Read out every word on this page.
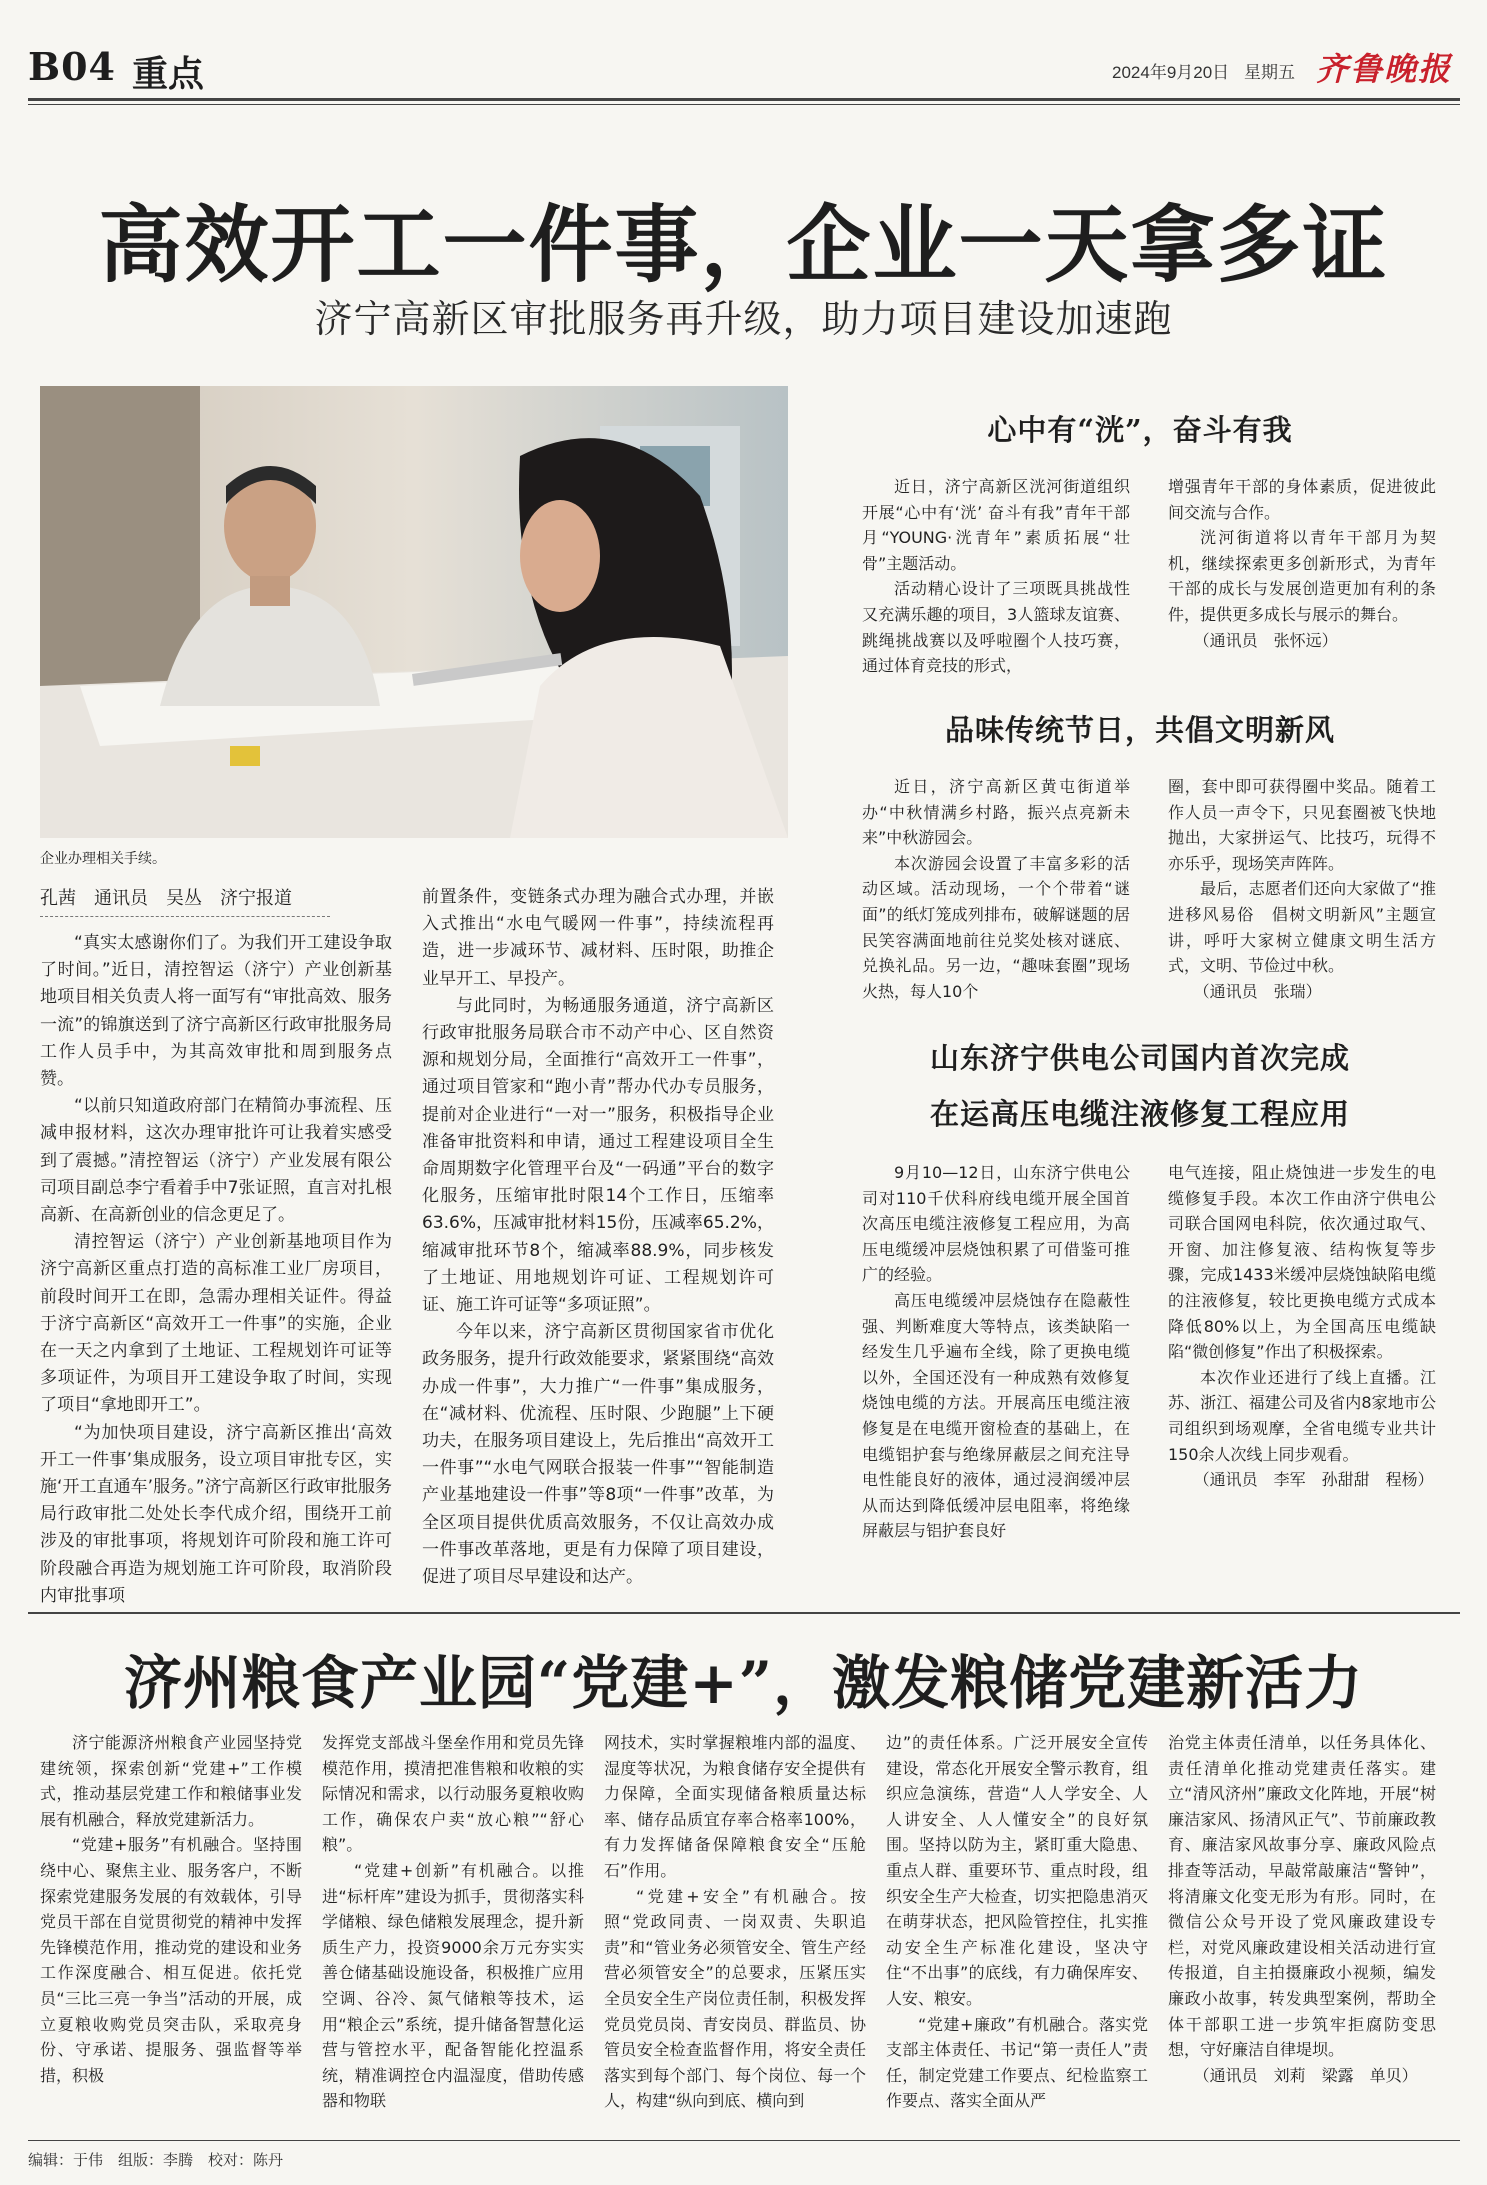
B04 重点	2024年9月20日 星期五 齐鲁晚报
高效开工一件事，企业一天拿多证
济宁高新区审批服务再升级，助力项目建设加速跑
企业办理相关手续。
孔茜　通讯员　吴丛　济宁报道

“真实太感谢你们了。为我们开工建设争取了时间。”近日，清控智运（济宁）产业创新基地项目相关负责人将一面写有“审批高效、服务一流”的锦旗送到了济宁高新区行政审批服务局工作人员手中，为其高效审批和周到服务点赞。

“以前只知道政府部门在精简办事流程、压减申报材料，这次办理审批许可让我着实感受到了震撼。”清控智运（济宁）产业发展有限公司项目副总李宁看着手中7张证照，直言对扎根高新、在高新创业的信念更足了。

清控智运（济宁）产业创新基地项目作为济宁高新区重点打造的高标准工业厂房项目，前段时间开工在即，急需办理相关证件。得益于济宁高新区“高效开工一件事”的实施，企业在一天之内拿到了土地证、工程规划许可证等多项证件，为项目开工建设争取了时间，实现了项目“拿地即开工”。

“为加快项目建设，济宁高新区推出‘高效开工一件事’集成服务，设立项目审批专区，实施‘开工直通车’服务。”济宁高新区行政审批服务局行政审批二处处长李代成介绍，围绕开工前涉及的审批事项，将规划许可阶段和施工许可阶段融合再造为规划施工许可阶段，取消阶段内审批事项

前置条件，变链条式办理为融合式办理，并嵌入式推出“水电气暖网一件事”，持续流程再造，进一步减环节、减材料、压时限，助推企业早开工、早投产。

与此同时，为畅通服务通道，济宁高新区行政审批服务局联合市不动产中心、区自然资源和规划分局，全面推行“高效开工一件事”，通过项目管家和“跑小青”帮办代办专员服务，提前对企业进行“一对一”服务，积极指导企业准备审批资料和申请，通过工程建设项目全生命周期数字化管理平台及“一码通”平台的数字化服务，压缩审批时限14个工作日，压缩率63.6%，压减审批材料15份，压减率65.2%，缩减审批环节8个，缩减率88.9%，同步核发了土地证、用地规划许可证、工程规划许可证、施工许可证等“多项证照”。

今年以来，济宁高新区贯彻国家省市优化政务服务，提升行政效能要求，紧紧围绕“高效办成一件事”，大力推广“一件事”集成服务，在“减材料、优流程、压时限、少跑腿”上下硬功夫，在服务项目建设上，先后推出“高效开工一件事”“水电气网联合报装一件事”“智能制造产业基地建设一件事”等8项“一件事”改革，为全区项目提供优质高效服务，不仅让高效办成一件事改革落地，更是有力保障了项目建设，促进了项目尽早建设和达产。

心中有“洸”，奋斗有我

近日，济宁高新区洸河街道组织开展“心中有‘洸’ 奋斗有我”青年干部月“YOUNG·洸青年”素质拓展“壮骨”主题活动。

活动精心设计了三项既具挑战性又充满乐趣的项目，3人篮球友谊赛、跳绳挑战赛以及呼啦圈个人技巧赛，通过体育竞技的形式，

增强青年干部的身体素质，促进彼此间交流与合作。

洸河街道将以青年干部月为契机，继续探索更多创新形式，为青年干部的成长与发展创造更加有利的条件，提供更多成长与展示的舞台。

（通讯员　张怀远）

品味传统节日，共倡文明新风

近日，济宁高新区黄屯街道举办“中秋情满乡村路，振兴点亮新未来”中秋游园会。

本次游园会设置了丰富多彩的活动区域。活动现场，一个个带着“谜面”的纸灯笼成列排布，破解谜题的居民笑容满面地前往兑奖处核对谜底、兑换礼品。另一边，“趣味套圈”现场火热，每人10个

圈，套中即可获得圈中奖品。随着工作人员一声令下，只见套圈被飞快地抛出，大家拼运气、比技巧，玩得不亦乐乎，现场笑声阵阵。

最后，志愿者们还向大家做了“推进移风易俗　倡树文明新风”主题宣讲，呼吁大家树立健康文明生活方式，文明、节俭过中秋。

（通讯员　张瑞）

山东济宁供电公司国内首次完成
在运高压电缆注液修复工程应用

9月10—12日，山东济宁供电公司对110千伏科府线电缆开展全国首次高压电缆注液修复工程应用，为高压电缆缓冲层烧蚀积累了可借鉴可推广的经验。

高压电缆缓冲层烧蚀存在隐蔽性强、判断难度大等特点，该类缺陷一经发生几乎遍布全线，除了更换电缆以外，全国还没有一种成熟有效修复烧蚀电缆的方法。开展高压电缆注液修复是在电缆开窗检查的基础上，在电缆铝护套与绝缘屏蔽层之间充注导电性能良好的液体，通过浸润缓冲层从而达到降低缓冲层电阻率，将绝缘屏蔽层与铝护套良好

电气连接，阻止烧蚀进一步发生的电缆修复手段。本次工作由济宁供电公司联合国网电科院，依次通过取气、开窗、加注修复液、结构恢复等步骤，完成1433米缓冲层烧蚀缺陷电缆的注液修复，较比更换电缆方式成本降低80%以上，为全国高压电缆缺陷“微创修复”作出了积极探索。

本次作业还进行了线上直播。江苏、浙江、福建公司及省内8家地市公司组织到场观摩，全省电缆专业共计150余人次线上同步观看。

（通讯员　李军　孙甜甜　程杨）

济州粮食产业园“党建+”，激发粮储党建新活力

济宁能源济州粮食产业园坚持党建统领，探索创新“党建+”工作模式，推动基层党建工作和粮储事业发展有机融合，释放党建新活力。

“党建+服务”有机融合。坚持围绕中心、聚焦主业、服务客户，不断探索党建服务发展的有效载体，引导党员干部在自觉贯彻党的精神中发挥先锋模范作用，推动党的建设和业务工作深度融合、相互促进。依托党员“三比三亮一争当”活动的开展，成立夏粮收购党员突击队，采取亮身份、守承诺、提服务、强监督等举措，积极

发挥党支部战斗堡垒作用和党员先锋模范作用，摸清把准售粮和收粮的实际情况和需求，以行动服务夏粮收购工作，确保农户卖“放心粮”“舒心粮”。

“党建+创新”有机融合。以推进“标杆库”建设为抓手，贯彻落实科学储粮、绿色储粮发展理念，提升新质生产力，投资9000余万元夯实实善仓储基础设施设备，积极推广应用空调、谷冷、氮气储粮等技术，运用“粮企云”系统，提升储备智慧化运营与管控水平，配备智能化控温系统，精准调控仓内温湿度，借助传感器和物联

网技术，实时掌握粮堆内部的温度、湿度等状况，为粮食储存安全提供有力保障，全面实现储备粮质量达标率、储存品质宜存率合格率100%，有力发挥储备保障粮食安全“压舱石”作用。

“党建+安全”有机融合。按照“党政同责、一岗双责、失职追责”和“管业务必须管安全、管生产经营必须管安全”的总要求，压紧压实全员安全生产岗位责任制，积极发挥党员党员岗、青安岗员、群监员、协管员安全检查监督作用，将安全责任落实到每个部门、每个岗位、每一个人，构建“纵向到底、横向到

边”的责任体系。广泛开展安全宣传建设，常态化开展安全警示教育，组织应急演练，营造“人人学安全、人人讲安全、人人懂安全”的良好氛围。坚持以防为主，紧盯重大隐患、重点人群、重要环节、重点时段，组织安全生产大检查，切实把隐患消灭在萌芽状态，把风险管控住，扎实推动安全生产标准化建设，坚决守住“不出事”的底线，有力确保库安、人安、粮安。

“党建+廉政”有机融合。落实党支部主体责任、书记“第一责任人”责任，制定党建工作要点、纪检监察工作要点、落实全面从严

治党主体责任清单，以任务具体化、责任清单化推动党建责任落实。建立“清风济州”廉政文化阵地，开展“树廉洁家风、扬清风正气”、节前廉政教育、廉洁家风故事分享、廉政风险点排查等活动，早敲常敲廉洁“警钟”，将清廉文化变无形为有形。同时，在微信公众号开设了党风廉政建设专栏，对党风廉政建设相关活动进行宣传报道，自主拍摄廉政小视频，编发廉政小故事，转发典型案例，帮助全体干部职工进一步筑牢拒腐防变思想，守好廉洁自律堤坝。

（通讯员　刘莉　梁露　单贝）

编辑：于伟　组版：李腾　校对：陈丹
